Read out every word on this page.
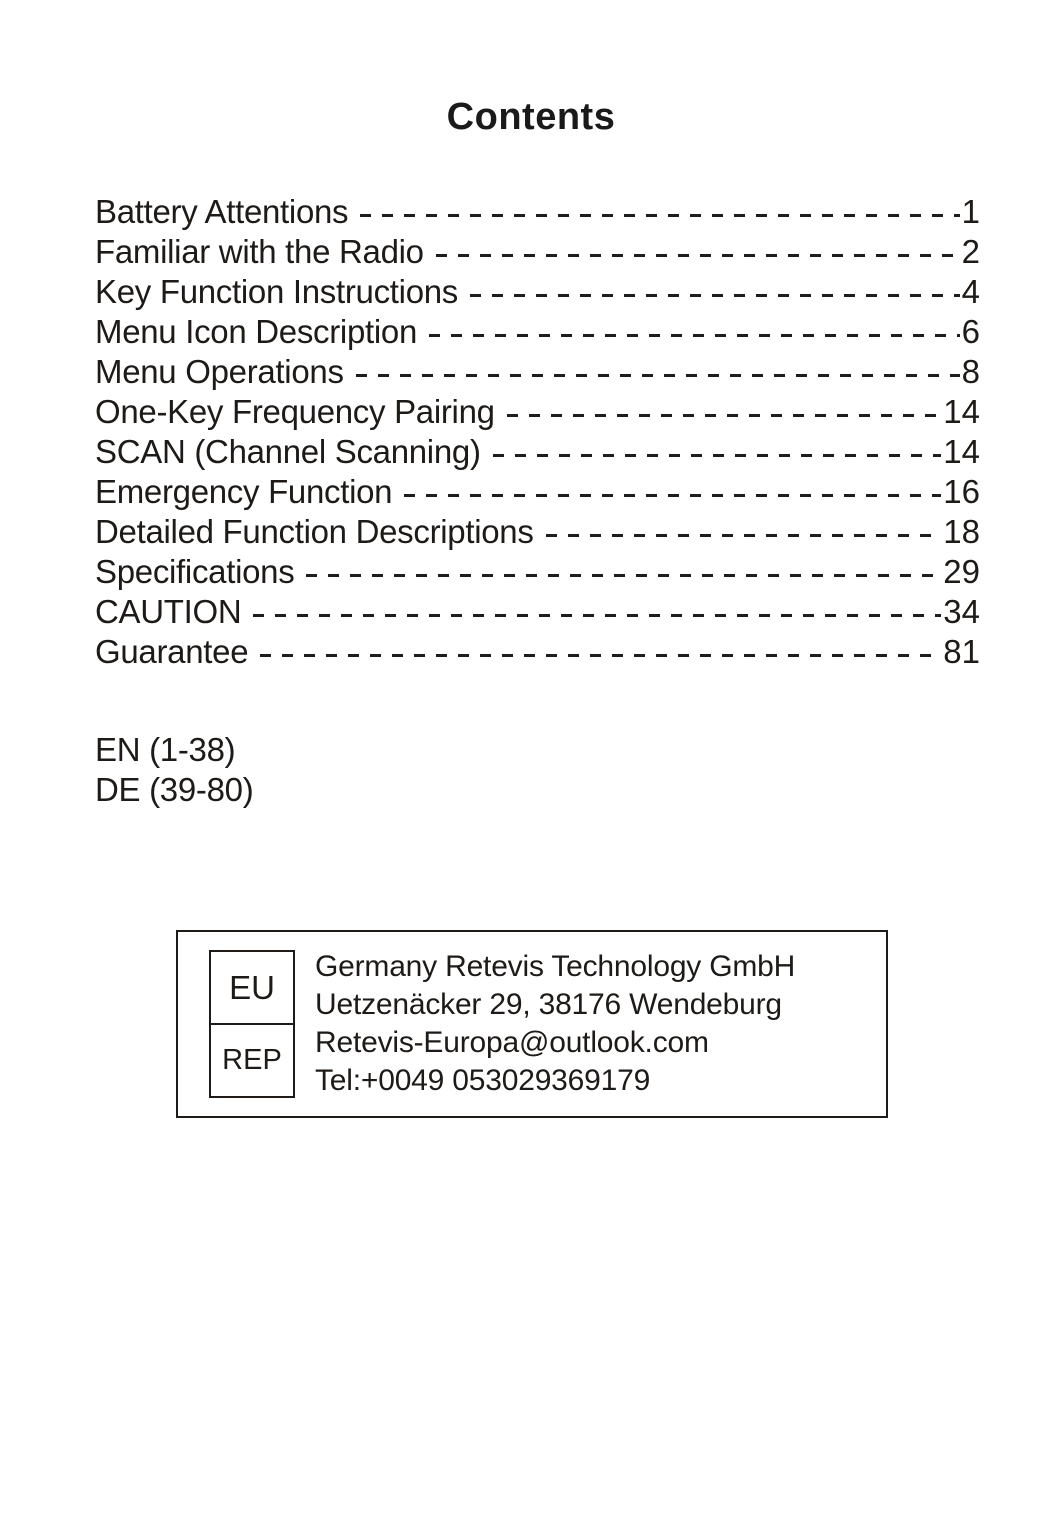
Contents
Battery Attentions	1
Familiar with the Radio	2
Key Function Instructions	4
Menu Icon Description	6
Menu Operations	8
One-Key Frequency Pairing	14
SCAN (Channel Scanning)	14
Emergency Function	16
Detailed Function Descriptions	18
Specifications	29
CAUTION	34
Guarantee	81
EN (1-38)
DE (39-80)
EU
REP
Germany Retevis Technology GmbH
Uetzenäcker 29, 38176 Wendeburg
Retevis-Europa@outlook.com
Tel:+0049 053029369179
